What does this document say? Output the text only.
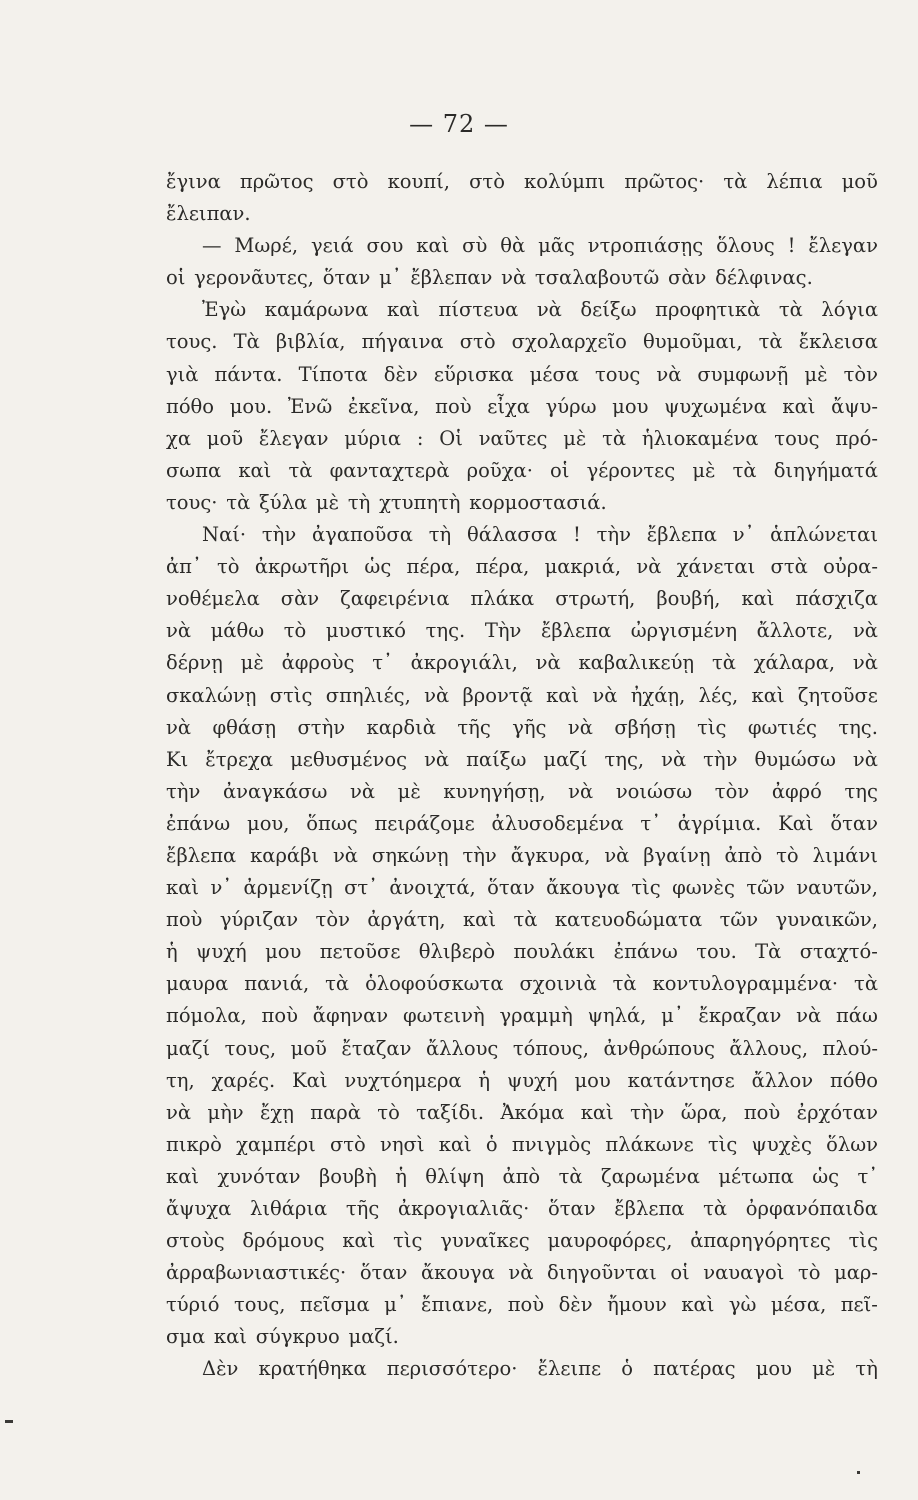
— 72 —
ἔγινα πρῶτος στὸ κουπί, στὸ κολύμπι πρῶτος· τὰ λέπια μοῦ
ἔλειπαν.
— Μωρέ, γειά σου καὶ σὺ θὰ μᾶς ντροπιάσῃς ὅλους ! ἔλεγαν
οἱ γερονᾶυτες, ὅταν μ᾿ ἔβλεπαν νὰ τσαλαβουτῶ σὰν δέλφινας.
Ἐγὼ καμάρωνα καὶ πίστευα νὰ δείξω προφητικὰ τὰ λόγια
τους. Τὰ βιβλία, πήγαινα στὸ σχολαρχεῖο θυμοῦμαι, τὰ ἔκλεισα
γιὰ πάντα. Τίποτα δὲν εὕρισκα μέσα τους νὰ συμφωνῇ μὲ τὸν
πόθο μου. Ἐνῶ ἐκεῖνα, ποὺ εἶχα γύρω μου ψυχωμένα καὶ ἄψυ-
χα μοῦ ἔλεγαν μύρια : Οἱ ναῦτες μὲ τὰ ἡλιοκαμένα τους πρό-
σωπα καὶ τὰ φανταχτερὰ ροῦχα· οἱ γέροντες μὲ τὰ διηγήματά
τους· τὰ ξύλα μὲ τὴ χτυπητὴ κορμοστασιά.
Ναί· τὴν ἀγαποῦσα τὴ θάλασσα ! τὴν ἔβλεπα ν᾿ ἁπλώνεται
ἀπ᾿ τὸ ἀκρωτῆρι ὡς πέρα, πέρα, μακριά, νὰ χάνεται στὰ οὐρα-
νοθέμελα σὰν ζαφειρένια πλάκα στρωτή, βουβή, καὶ πάσχιζα
νὰ μάθω τὸ μυστικό της. Τὴν ἔβλεπα ὠργισμένη ἄλλοτε, νὰ
δέρνῃ μὲ ἀφροὺς τ᾿ ἀκρογιάλι, νὰ καβαλικεύῃ τὰ χάλαρα, νὰ
σκαλώνῃ στὶς σπηλιές, νὰ βροντᾷ καὶ νὰ ἠχάῃ, λές, καὶ ζητοῦσε
νὰ φθάσῃ στὴν καρδιὰ τῆς γῆς νὰ σβήσῃ τὶς φωτιές της.
Κι ἔτρεχα μεθυσμένος νὰ παίξω μαζί της, νὰ τὴν θυμώσω νὰ
τὴν ἀναγκάσω νὰ μὲ κυνηγήσῃ, νὰ νοιώσω τὸν ἀφρό της
ἐπάνω μου, ὅπως πειράζομε ἀλυσοδεμένα τ᾿ ἀγρίμια. Καὶ ὅταν
ἔβλεπα καράβι νὰ σηκώνῃ τὴν ἄγκυρα, νὰ βγαίνῃ ἀπὸ τὸ λιμάνι
καὶ ν᾿ ἀρμενίζῃ στ᾿ ἀνοιχτά, ὅταν ἄκουγα τὶς φωνὲς τῶν ναυτῶν,
ποὺ γύριζαν τὸν ἀργάτη, καὶ τὰ κατευοδώματα τῶν γυναικῶν,
ἡ ψυχή μου πετοῦσε θλιβερὸ πουλάκι ἐπάνω του. Τὰ σταχτό-
μαυρα πανιά, τὰ ὁλοφούσκωτα σχοινιὰ τὰ κοντυλογραμμένα· τὰ
πόμολα, ποὺ ἄφηναν φωτεινὴ γραμμὴ ψηλά, μ᾿ ἔκραζαν νὰ πάω
μαζί τους, μοῦ ἔταζαν ἄλλους τόπους, ἀνθρώπους ἄλλους, πλού-
τη, χαρές. Καὶ νυχτόημερα ἡ ψυχή μου κατάντησε ἄλλον πόθο
νὰ μὴν ἔχῃ παρὰ τὸ ταξίδι. Ἀκόμα καὶ τὴν ὥρα, ποὺ ἐρχόταν
πικρὸ χαμπέρι στὸ νησὶ καὶ ὁ πνιγμὸς πλάκωνε τὶς ψυχὲς ὅλων
καὶ χυνόταν βουβὴ ἡ θλίψη ἀπὸ τὰ ζαρωμένα μέτωπα ὡς τ᾿
ἄψυχα λιθάρια τῆς ἀκρογιαλιᾶς· ὅταν ἔβλεπα τὰ ὀρφανόπαιδα
στοὺς δρόμους καὶ τὶς γυναῖκες μαυροφόρες, ἀπαρηγόρητες τὶς
ἀρραβωνιαστικές· ὅταν ἄκουγα νὰ διηγοῦνται οἱ ναυαγοὶ τὸ μαρ-
τύριό τους, πεῖσμα μ᾿ ἔπιανε, ποὺ δὲν ἤμουν καὶ γὼ μέσα, πεῖ-
σμα καὶ σύγκρυο μαζί.
Δὲν κρατήθηκα περισσότερο· ἔλειπε ὁ πατέρας μου μὲ τὴ
